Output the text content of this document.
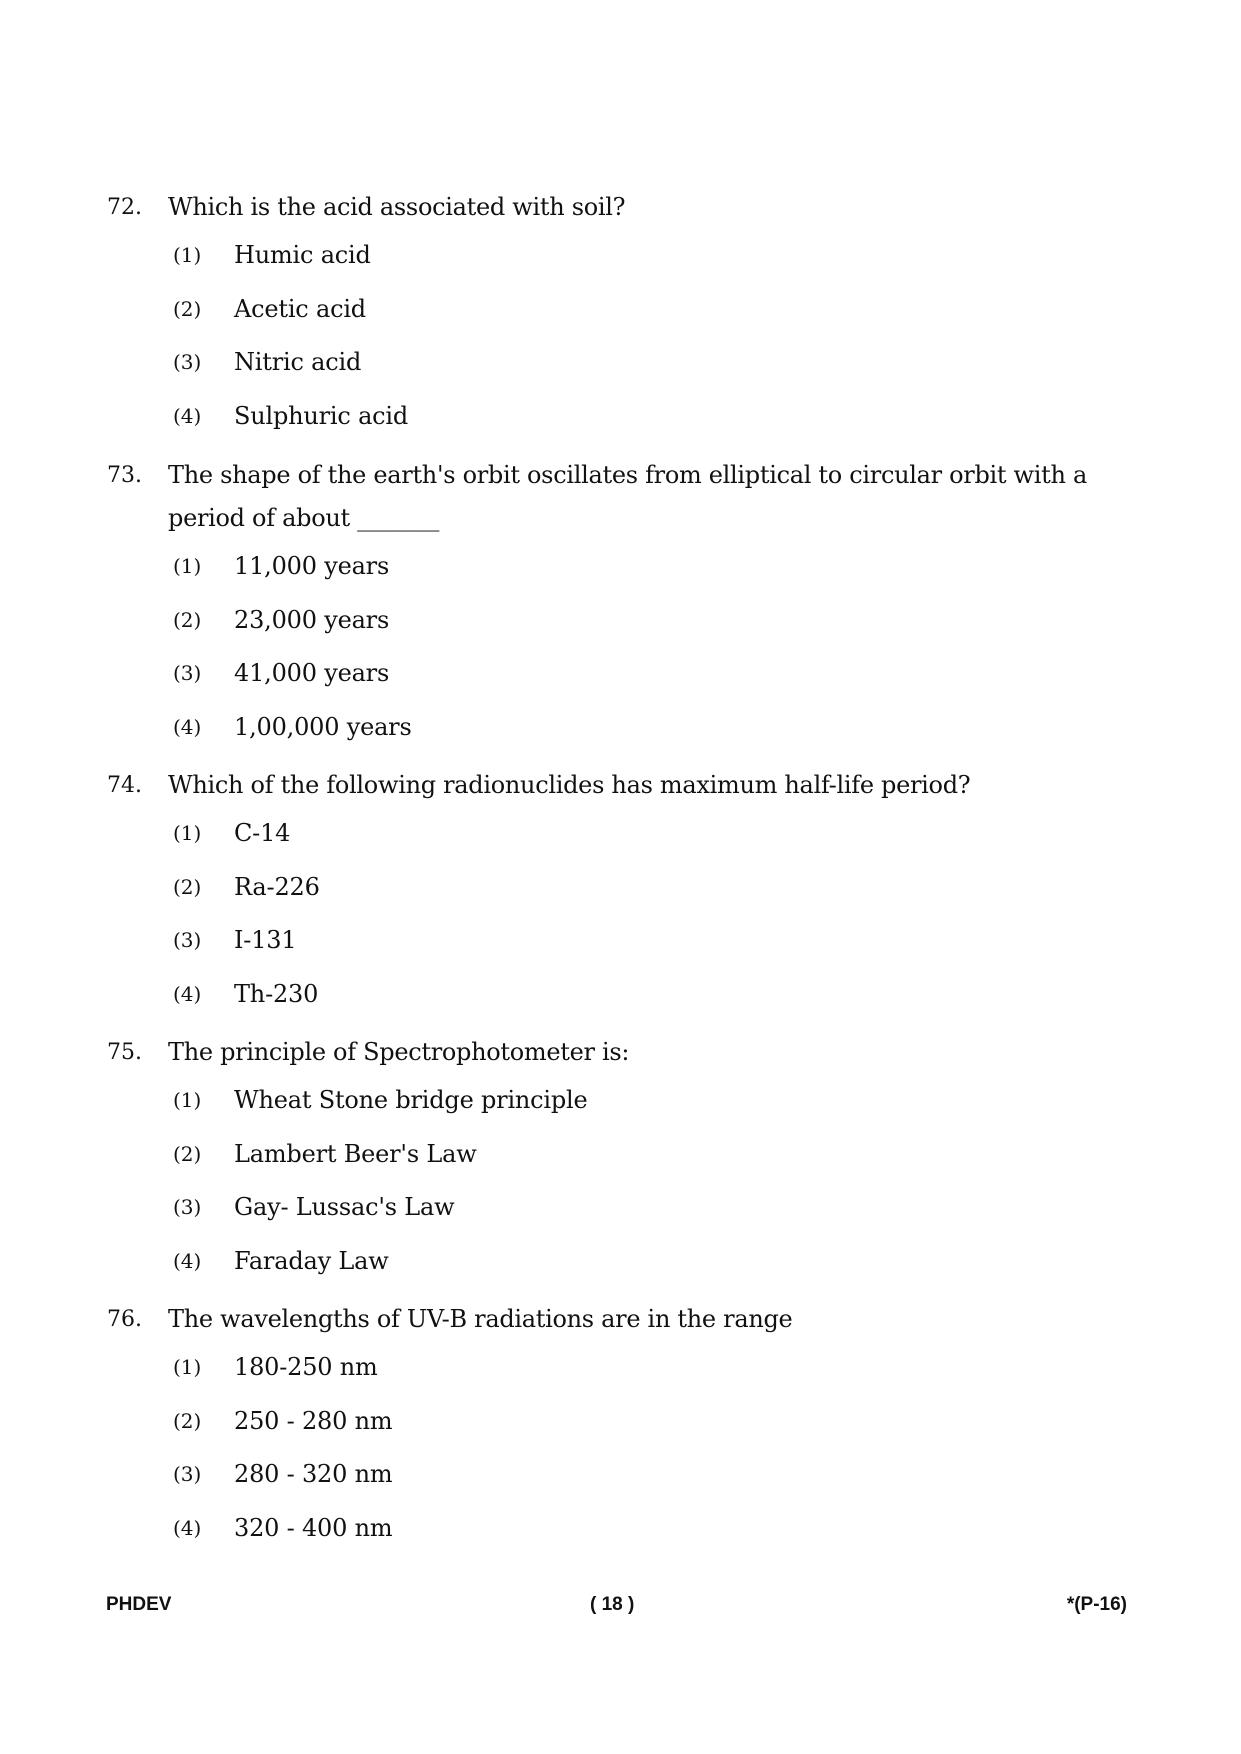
72. Which is the acid associated with soil?
(1) Humic acid
(2) Acetic acid
(3) Nitric acid
(4) Sulphuric acid
73. The shape of the earth's orbit oscillates from elliptical to circular orbit with a
period of about _______
(1) 11,000 years
(2) 23,000 years
(3) 41,000 years
(4) 1,00,000 years
74. Which of the following radionuclides has maximum half-life period?
(1) C-14
(2) Ra-226
(3) I-131
(4) Th-230
75. The principle of Spectrophotometer is:
(1) Wheat Stone bridge principle
(2) Lambert Beer's Law
(3) Gay- Lussac's Law
(4) Faraday Law
76. The wavelengths of UV-B radiations are in the range
(1) 180-250 nm
(2) 250 - 280 nm
(3) 280 - 320 nm
(4) 320 - 400 nm
PHDEV	( 18 )	*(P-16)
